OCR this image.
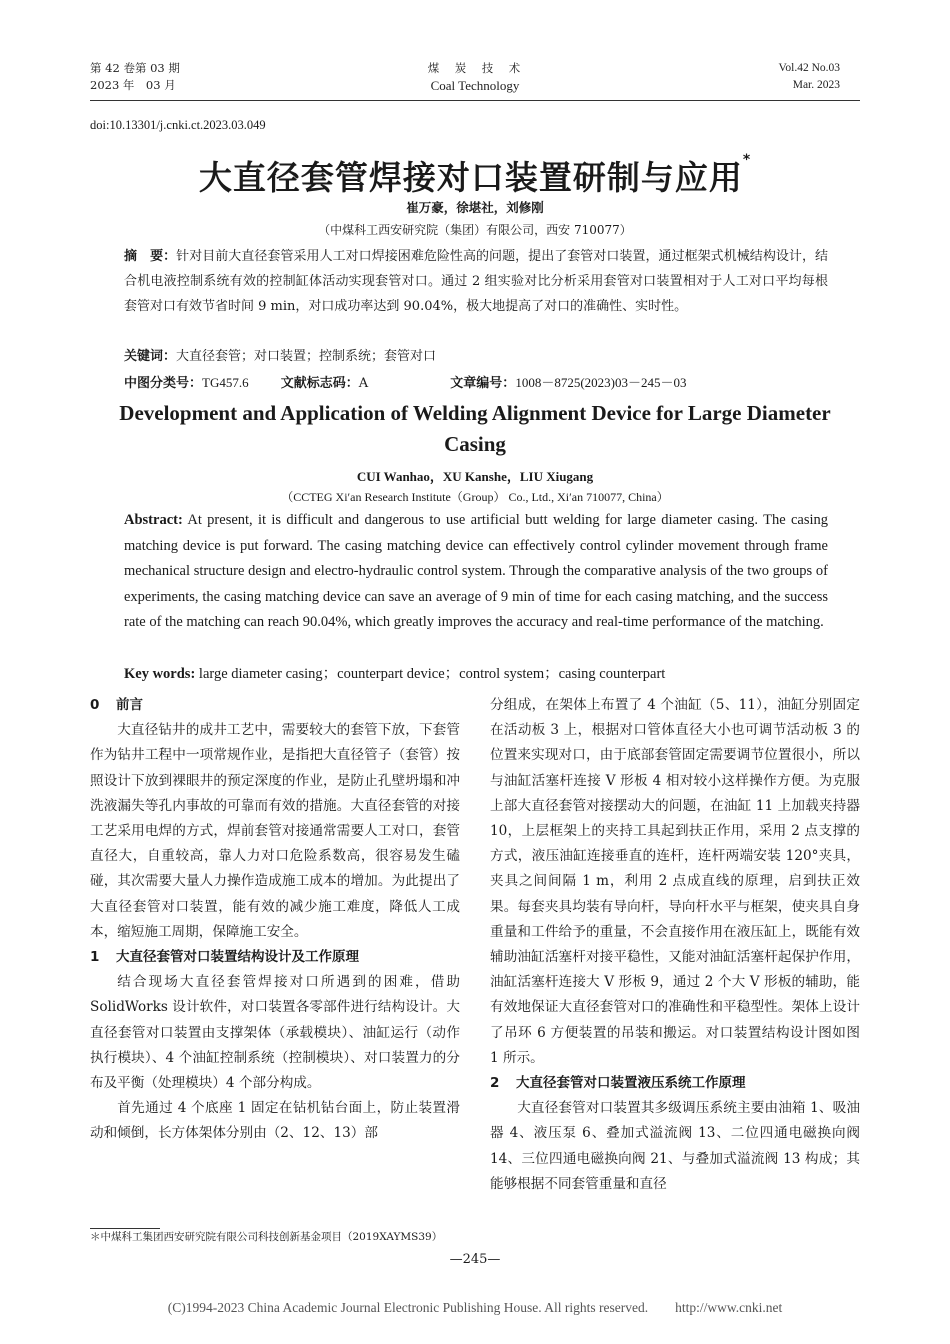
第 42 卷第 03 期
2023 年　03 月
煤　炭　技　术
Coal Technology
Vol.42 No.03
Mar. 2023
doi:10.13301/j.cnki.ct.2023.03.049
大直径套管焊接对口装置研制与应用*
崔万豪，徐堪社，刘修刚
（中煤科工西安研究院（集团）有限公司，西安 710077）
摘　要：针对目前大直径套管采用人工对口焊接困难危险性高的问题，提出了套管对口装置，通过框架式机械结构设计，结合机电液控制系统有效的控制缸体活动实现套管对口。通过 2 组实验对比分析采用套管对口装置相对于人工对口平均每根套管对口有效节省时间 9 min，对口成功率达到 90.04%，极大地提高了对口的准确性、实时性。
关键词：大直径套管；对口装置；控制系统；套管对口
中图分类号：TG457.6 文献标志码：A	文章编号：1008－8725(2023)03－245－03
Development and Application of Welding Alignment Device for Large Diameter Casing
CUI Wanhao，XU Kanshe，LIU Xiugang
（CCTEG Xi′an Research Institute（Group） Co., Ltd., Xi′an 710077, China）
Abstract: At present, it is difficult and dangerous to use artificial butt welding for large diameter casing. The casing matching device is put forward. The casing matching device can effectively control cylinder movement through frame mechanical structure design and electro-hydraulic control system. Through the comparative analysis of the two groups of experiments, the casing matching device can save an average of 9 min of time for each casing matching, and the success rate of the matching can reach 90.04%, which greatly improves the accuracy and real-time performance of the matching.
Key words: large diameter casing；counterpart device；control system；casing counterpart
0 前言

大直径钻井的成井工艺中，需要较大的套管下放，下套管作为钻井工程中一项常规作业，是指把大直径管子（套管）按照设计下放到裸眼井的预定深度的作业，是防止孔壁坍塌和冲洗液漏失等孔内事故的可靠而有效的措施。大直径套管的对接工艺采用电焊的方式，焊前套管对接通常需要人工对口，套管直径大，自重较高，靠人力对口危险系数高，很容易发生磕碰，其次需要大量人力操作造成施工成本的增加。为此提出了大直径套管对口装置，能有效的减少施工难度，降低人工成本，缩短施工周期，保障施工安全。

1 大直径套管对口装置结构设计及工作原理

结合现场大直径套管焊接对口所遇到的困难，借助 SolidWorks 设计软件，对口装置各零部件进行结构设计。大直径套管对口装置由支撑架体（承载模块）、油缸运行（动作执行模块）、4 个油缸控制系统（控制模块）、对口装置力的分布及平衡（处理模块）4 个部分构成。

首先通过 4 个底座 1 固定在钻机钻台面上，防止装置滑动和倾倒，长方体架体分别由（2、12、13）部

分组成，在架体上布置了 4 个油缸（5、11），油缸分别固定在活动板 3 上，根据对口管体直径大小也可调节活动板 3 的位置来实现对口，由于底部套管固定需要调节位置很小，所以与油缸活塞杆连接 V 形板 4 相对较小这样操作方便。为克服上部大直径套管对接摆动大的问题，在油缸 11 上加载夹持器 10，上层框架上的夹持工具起到扶正作用，采用 2 点支撑的方式，液压油缸连接垂直的连杆，连杆两端安装 120°夹具，夹具之间间隔 1 m，利用 2 点成直线的原理，启到扶正效果。每套夹具均装有导向杆，导向杆水平与框架，使夹具自身重量和工件给予的重量，不会直接作用在液压缸上，既能有效辅助油缸活塞杆对接平稳性，又能对油缸活塞杆起保护作用，油缸活塞杆连接大 V 形板 9，通过 2 个大 V 形板的辅助，能有效地保证大直径套管对口的准确性和平稳型性。架体上设计了吊环 6 方便装置的吊装和搬运。对口装置结构设计图如图 1 所示。

2 大直径套管对口装置液压系统工作原理

大直径套管对口装置其多级调压系统主要由油箱 1、吸油器 4、液压泵 6、叠加式溢流阀 13、二位四通电磁换向阀 14、三位四通电磁换向阀 21、与叠加式溢流阀 13 构成；其能够根据不同套管重量和直径

＊中煤科工集团西安研究院有限公司科技创新基金项目（2019XAYMS39）
—245—
(C)1994-2023 China Academic Journal Electronic Publishing House. All rights reserved.　　http://www.cnki.net
